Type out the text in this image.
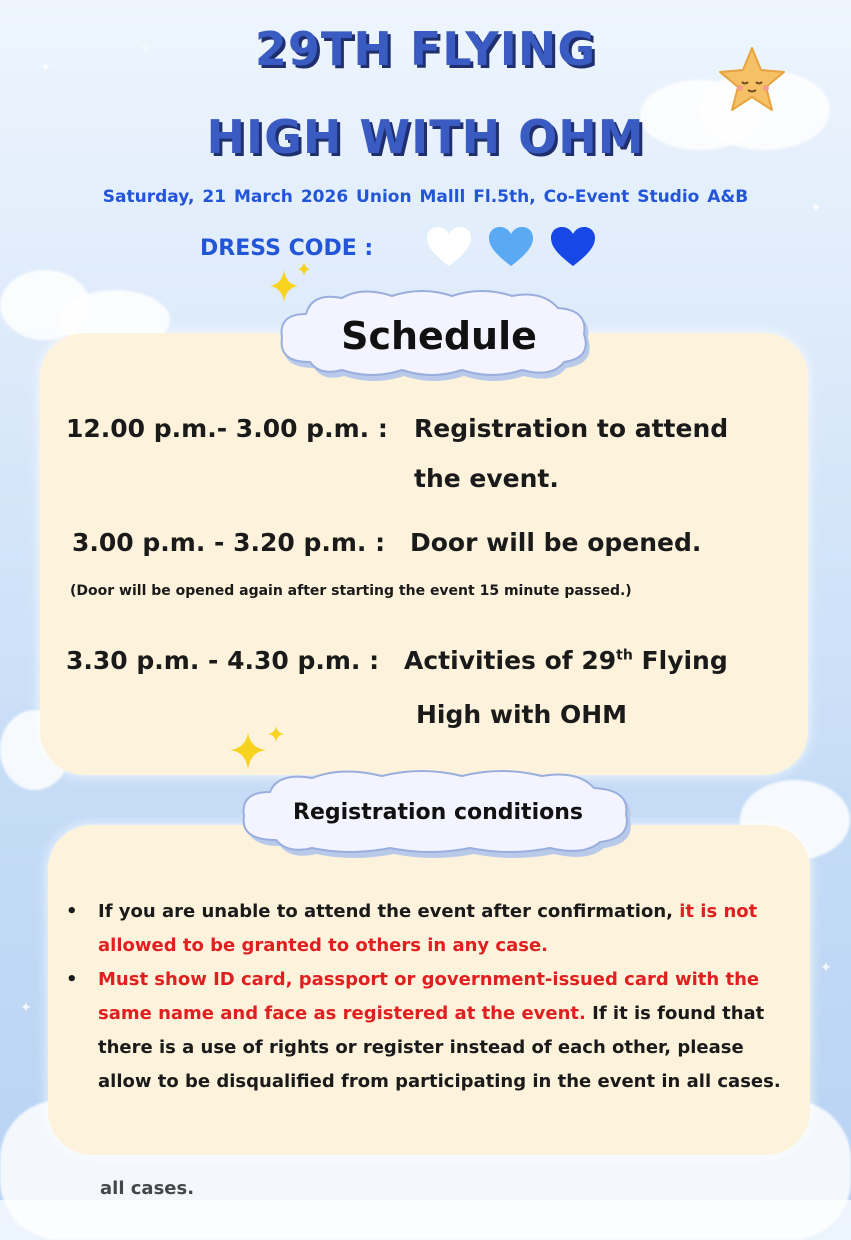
✦
✦
✦
✦
✧	29TH FLYING
HIGH WITH OHM
Saturday, 21 March 2026 Union Malll Fl.5th, Co-Event Studio A&B
DRESS CODE :
Schedule
12.00 p.m.- 3.00 p.m. : Registration to attend
the event.
3.00 p.m. - 3.20 p.m. : Door will be opened.
(Door will be opened again after starting the event 15 minute passed.)
3.30 p.m. - 4.30 p.m. : Activities of 29th Flying
High with OHM
Registration conditions
• If you are unable to attend the event after confirmation, it is not allowed to be granted to others in any case.
• Must show ID card, passport or government-issued card with the same name and face as registered at the event. If it is found that there is a use of rights or register instead of each other, please allow to be disqualified from participating in the event in all cases.
all cases.
